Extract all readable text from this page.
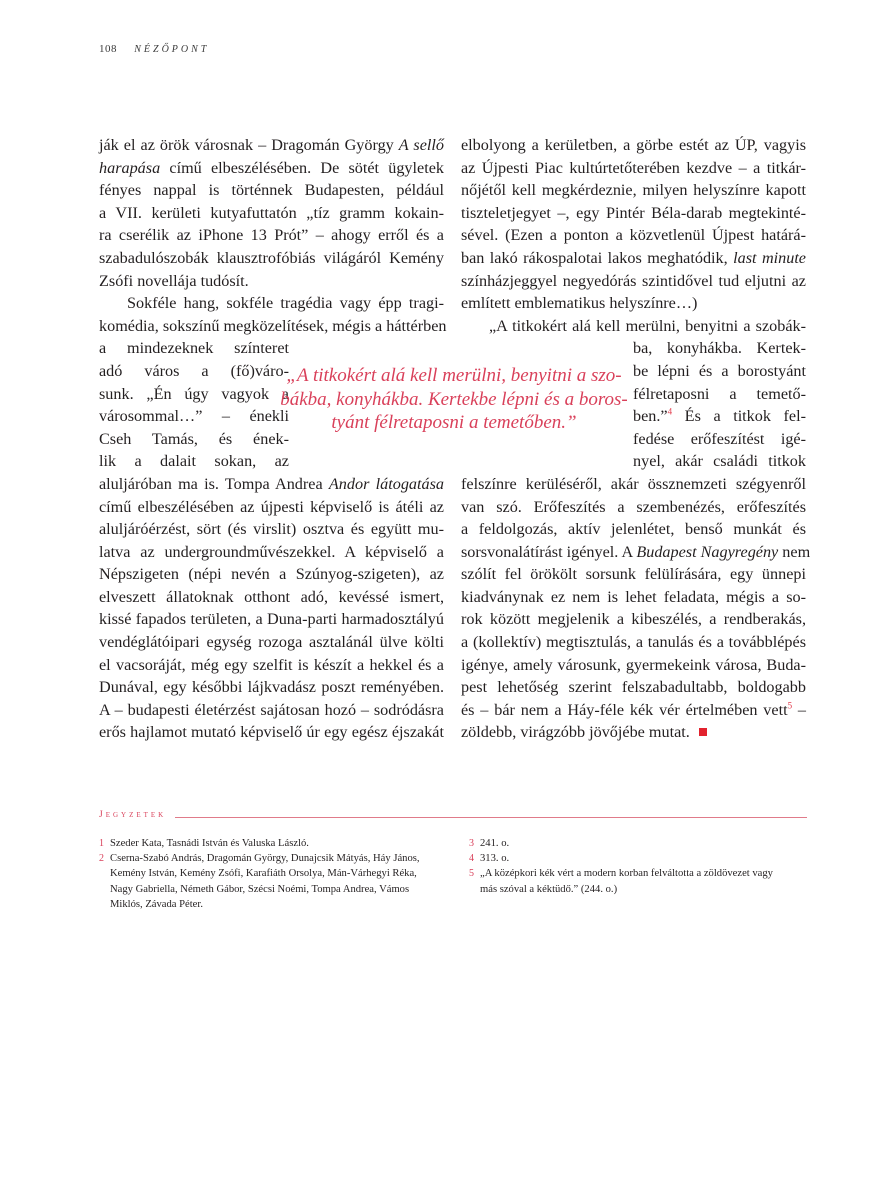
108 NÉZŐPONT
ják el az örök városnak – Dragomán György A sellő
harapása című elbeszélésében. De sötét ügyletek
fényes nappal is történnek Budapesten, például
a VII. kerületi kutyafuttatón „tíz gramm kokain-
ra cserélik az iPhone 13 Prót” – ahogy erről és a
szabadulószobák klausztrofóbiás világáról Kemény
Zsófi novellája tudósít.
Sokféle hang, sokféle tragédia vagy épp tragi-
komédia, sokszínű megközelítések, mégis a háttérben
a mindezeknek színteret
adó város a (fő)váro-
sunk. „Én úgy vagyok a
városommal…” – énekli
Cseh Tamás, és ének-
lik a dalait sokan, az
aluljáróban ma is. Tompa Andrea Andor látogatása
című elbeszélésében az újpesti képviselő is átéli az
aluljáróérzést, sört (és virslit) osztva és együtt mu-
latva az undergroundművészekkel. A képviselő a
Népszigeten (népi nevén a Szúnyog-szigeten), az
elveszett állatoknak otthont adó, kevéssé ismert,
kissé fapados területen, a Duna-parti harmadosztályú
vendéglátóipari egység rozoga asztalánál ülve költi
el vacsoráját, még egy szelfit is készít a hekkel és a
Dunával, egy későbbi lájkvadász poszt reményében.
A – budapesti életérzést sajátosan hozó – sodródásra
erős hajlamot mutató képviselő úr egy egész éjszakát
elbolyong a kerületben, a görbe estét az ÚP, vagyis
az Újpesti Piac kultúrtetőterében kezdve – a titkár-
nőjétől kell megkérdeznie, milyen helyszínre kapott
tiszteletjegyet –, egy Pintér Béla-darab megtekinté-
sével. (Ezen a ponton a közvetlenül Újpest határá-
ban lakó rákospalotai lakos meghatódik, last minute
színházjeggyel negyedórás szintidővel tud eljutni az
említett emblematikus helyszínre…)
„A titkokért alá kell merülni, benyitni a szobák-
ba, konyhákba. Kertek-
be lépni és a borostyánt
félretaposni a temető-
ben.”$^4$ És a titkok fel-
fedése erőfeszítést igé-
nyel, akár családi titkok
felszínre kerüléséről, akár össznemzeti szégyenről
van szó. Erőfeszítés a szembenézés, erőfeszítés
a feldolgozás, aktív jelenlétet, benső munkát és
sorsvonalátírást igényel. A Budapest Nagyregény nem
szólít fel örökölt sorsunk felülírására, egy ünnepi
kiadványnak ez nem is lehet feladata, mégis a so-
rok között megjelenik a kibeszélés, a rendberakás,
a (kollektív) megtisztulás, a tanulás és a továbblépés
igénye, amely városunk, gyermekeink városa, Buda-
pest lehetőség szerint felszabadultabb, boldogabb
és – bár nem a Háy-féle kék vér értelmében vett$^5$ –
zöldebb, virágzóbb jövőjébe mutat.
„A titkokért alá kell merülni, benyitni a szo-
bákba, konyhákba. Kertekbe lépni és a boros-
tyánt félretaposni a temetőben.”
Jegyzetek
1 Szeder Kata, Tasnádi István és Valuska László.
2 Cserna-Szabó András, Dragomán György, Dunajcsik Mátyás, Háy János,
Kemény István, Kemény Zsófi, Karafiáth Orsolya, Mán-Várhegyi Réka,
Nagy Gabriella, Németh Gábor, Szécsi Noémi, Tompa Andrea, Vámos
Miklós, Závada Péter.
3 241. o.
4 313. o.
5 „A középkori kék vért a modern korban felváltotta a zöldövezet vagy
más szóval a kéktüdő.” (244. o.)
